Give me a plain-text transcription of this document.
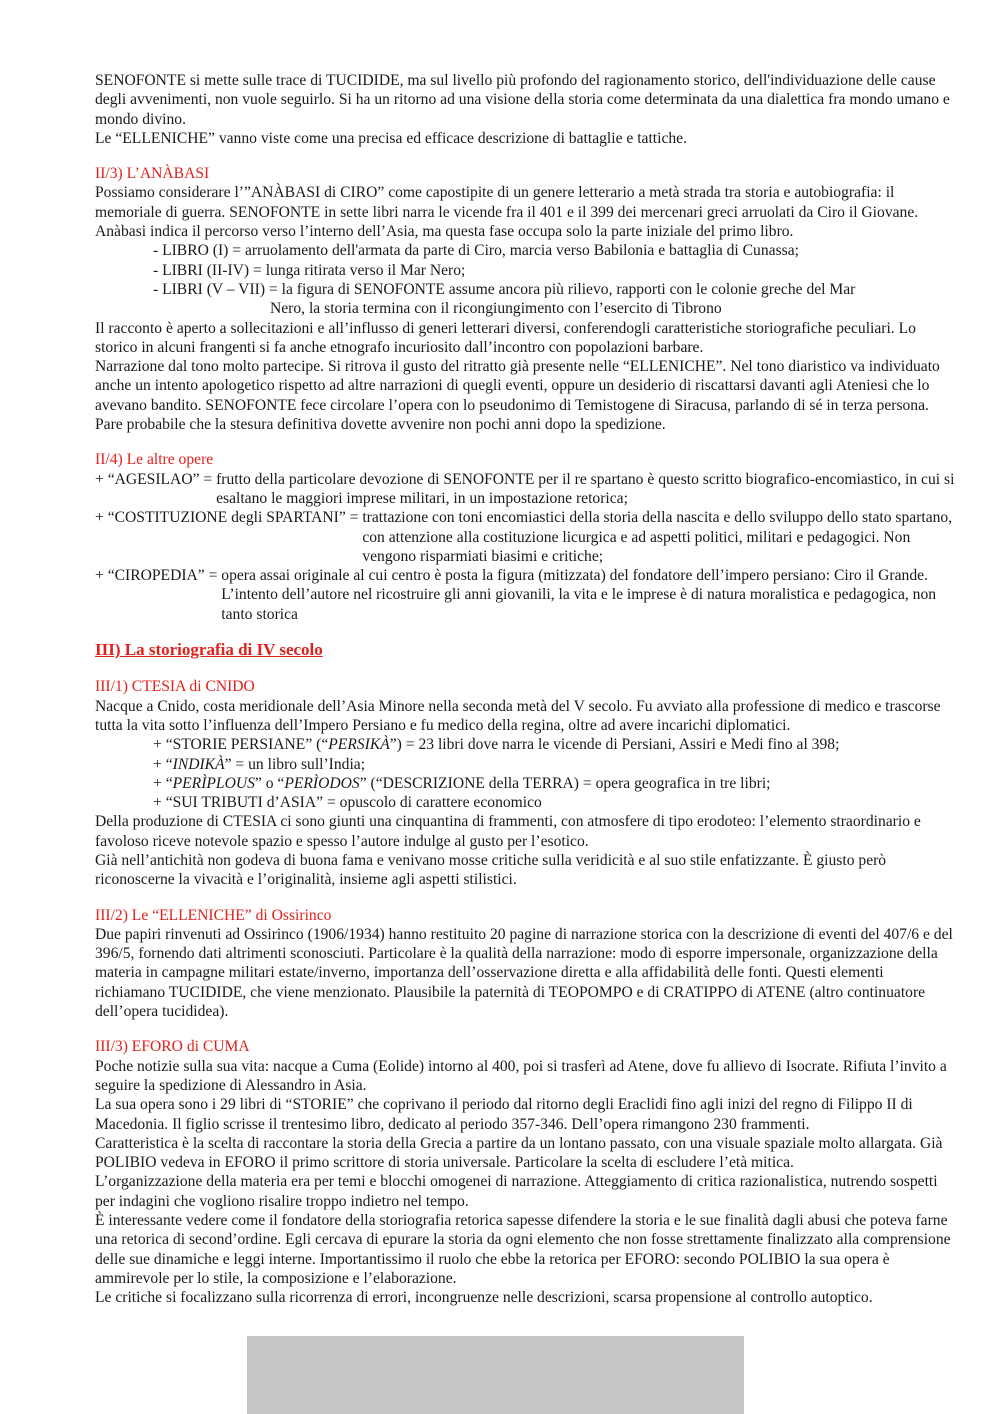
SENOFONTE si mette sulle trace di TUCIDIDE, ma sul livello più profondo del ragionamento storico, dell'individuazione delle cause degli avvenimenti, non vuole seguirlo. Si ha un ritorno ad una visione della storia come determinata da una dialettica fra mondo umano e mondo divino.

Le “ELLENICHE” vanno viste come una precisa ed efficace descrizione di battaglie e tattiche.

II/3) L’ANÀBASI

Possiamo considerare l’”ANÀBASI di CIRO” come capostipite di un genere letterario a metà strada tra storia e autobiografia: il memoriale di guerra. SENOFONTE in sette libri narra le vicende fra il 401 e il 399 dei mercenari greci arruolati da Ciro il Giovane. Anàbasi indica il percorso verso l’interno dell’Asia, ma questa fase occupa solo la parte iniziale del primo libro.

- LIBRO (I) = arruolamento dell'armata da parte di Ciro, marcia verso Babilonia e battaglia di Cunassa;

- LIBRI (II-IV) = lunga ritirata verso il Mar Nero;

- LIBRI (V – VII) = la figura di SENOFONTE assume ancora più rilievo, rapporti con le colonie greche del Mar

Nero, la storia termina con il ricongiungimento con l’esercito di Tibrono

Il racconto è aperto a sollecitazioni e all’influsso di generi letterari diversi, conferendogli caratteristiche storiografiche peculiari. Lo storico in alcuni frangenti si fa anche etnografo incuriosito dall’incontro con popolazioni barbare.

Narrazione dal tono molto partecipe. Si ritrova il gusto del ritratto già presente nelle “ELLENICHE”. Nel tono diaristico va individuato anche un intento apologetico rispetto ad altre narrazioni di quegli eventi, oppure un desiderio di riscattarsi davanti agli Ateniesi che lo avevano bandito. SENOFONTE fece circolare l’opera con lo pseudonimo di Temistogene di Siracusa, parlando di sé in terza persona. Pare probabile che la stesura definitiva dovette avvenire non pochi anni dopo la spedizione.

II/4) Le altre opere

+ “AGESILAO” = frutto della particolare devozione di SENOFONTE per il re spartano è questo scritto biografico-encomiastico, in cui si esaltano le maggiori imprese militari, in un impostazione retorica;
+ “COSTITUZIONE degli SPARTANI” = trattazione con toni encomiastici della storia della nascita e dello sviluppo dello stato spartano, con attenzione alla costituzione licurgica e ad aspetti politici, militari e pedagogici. Non vengono risparmiati biasimi e critiche;
+ “CIROPEDIA” = opera assai originale al cui centro è posta la figura (mitizzata) del fondatore dell’impero persiano: Ciro il Grande. L’intento dell’autore nel ricostruire gli anni giovanili, la vita e le imprese è di natura moralistica e pedagogica, non tanto storica

III) La storiografia di IV secolo

III/1) CTESIA di CNIDO

Nacque a Cnido, costa meridionale dell’Asia Minore nella seconda metà del V secolo. Fu avviato alla professione di medico e trascorse tutta la vita sotto l’influenza dell’Impero Persiano e fu medico della regina, oltre ad avere incarichi diplomatici.

+ “STORIE PERSIANE” (“PERSIKÀ”) = 23 libri dove narra le vicende di Persiani, Assiri e Medi fino al 398;

+ “INDIKÀ” = un libro sull’India;

+ “PERÌPLOUS” o “PERÌODOS” (“DESCRIZIONE della TERRA) = opera geografica in tre libri;

+ “SUI TRIBUTI d’ASIA” = opuscolo di carattere economico

Della produzione di CTESIA ci sono giunti una cinquantina di frammenti, con atmosfere di tipo erodoteo: l’elemento straordinario e favoloso riceve notevole spazio e spesso l’autore indulge al gusto per l’esotico.

Già nell’antichità non godeva di buona fama e venivano mosse critiche sulla veridicità e al suo stile enfatizzante. È giusto però riconoscerne la vivacità e l’originalità, insieme agli aspetti stilistici.

III/2) Le “ELLENICHE” di Ossirinco

Due papiri rinvenuti ad Ossirinco (1906/1934) hanno restituito 20 pagine di narrazione storica con la descrizione di eventi del 407/6 e del 396/5, fornendo dati altrimenti sconosciuti. Particolare è la qualità della narrazione: modo di esporre impersonale, organizzazione della materia in campagne militari estate/inverno, importanza dell’osservazione diretta e alla affidabilità delle fonti. Questi elementi richiamano TUCIDIDE, che viene menzionato. Plausibile la paternità di TEOPOMPO e di CRATIPPO di ATENE (altro continuatore dell’opera tucididea).

III/3) EFORO di CUMA

Poche notizie sulla sua vita: nacque a Cuma (Eolide) intorno al 400, poi si trasferì ad Atene, dove fu allievo di Isocrate. Rifiuta l’invito a seguire la spedizione di Alessandro in Asia.

La sua opera sono i 29 libri di “STORIE” che coprivano il periodo dal ritorno degli Eraclidi fino agli inizi del regno di Filippo II di Macedonia. Il figlio scrisse il trentesimo libro, dedicato al periodo 357-346. Dell’opera rimangono 230 frammenti.

Caratteristica è la scelta di raccontare la storia della Grecia a partire da un lontano passato, con una visuale spaziale molto allargata. Già POLIBIO vedeva in EFORO il primo scrittore di storia universale. Particolare la scelta di escludere l’età mitica.

L’organizzazione della materia era per temi e blocchi omogenei di narrazione. Atteggiamento di critica razionalistica, nutrendo sospetti per indagini che vogliono risalire troppo indietro nel tempo.

È interessante vedere come il fondatore della storiografia retorica sapesse difendere la storia e le sue finalità dagli abusi che poteva farne una retorica di second’ordine. Egli cercava di epurare la storia da ogni elemento che non fosse strettamente finalizzato alla comprensione delle sue dinamiche e leggi interne. Importantissimo il ruolo che ebbe la retorica per EFORO: secondo POLIBIO la sua opera è ammirevole per lo stile, la composizione e l’elaborazione.

Le critiche si focalizzano sulla ricorrenza di errori, incongruenze nelle descrizioni, scarsa propensione al controllo autoptico.
